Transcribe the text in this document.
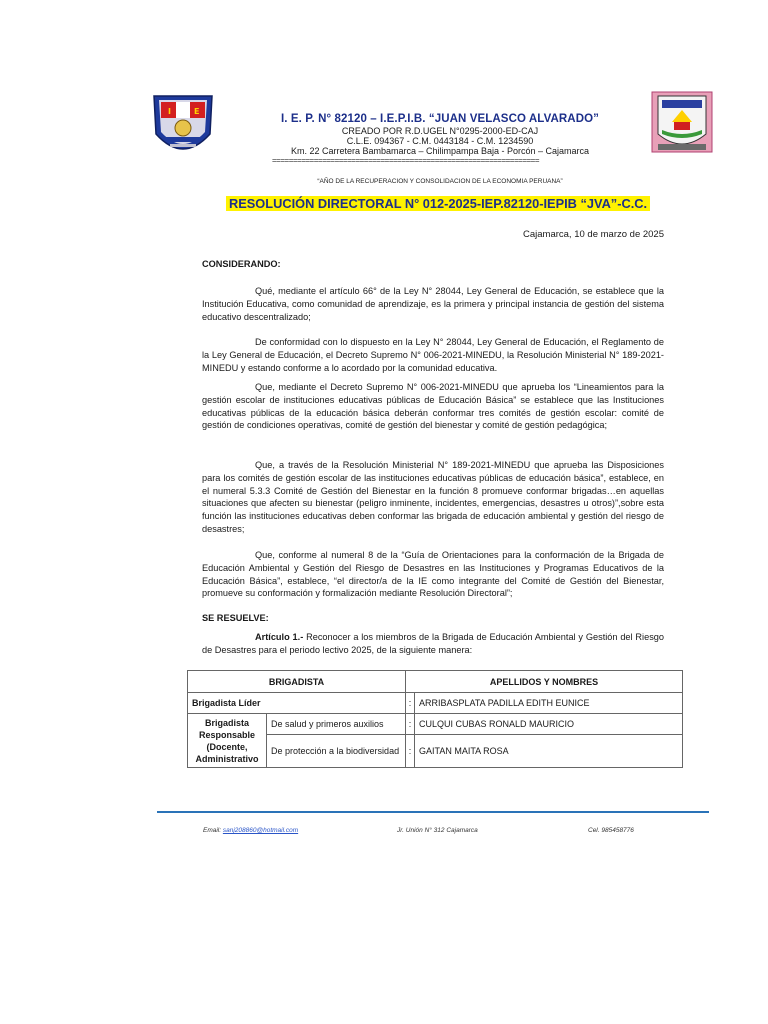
I	E
I. E. P. N° 82120 – I.E.P.I.B. “JUAN VELASCO ALVARADO”
CREADO POR R.D.UGEL N°0295-2000-ED-CAJ
C.L.E. 094367 - C.M. 0443184 - C.M. 1234590
Km. 22 Carretera Bambamarca – Chilimpampa Baja - Porcón – Cajamarca
================================================================
“AÑO DE LA RECUPERACION Y CONSOLIDACION DE LA ECONOMIA PERUANA”
RESOLUCIÓN DIRECTORAL N° 012-2025-IEP.82120-IEPIB “JVA”-C.C.
Cajamarca, 10 de marzo de 2025
CONSIDERANDO:
Qué, mediante el artículo 66° de la Ley N° 28044, Ley General de Educación, se establece que la Institución Educativa, como comunidad de aprendizaje, es la primera y principal instancia de gestión del sistema educativo descentralizado;
De conformidad con lo dispuesto en la Ley N° 28044, Ley General de Educación, el Reglamento de la Ley General de Educación, el Decreto Supremo N° 006-2021-MINEDU, la Resolución Ministerial N° 189-2021-MINEDU y estando conforme a lo acordado por la comunidad educativa.
Que, mediante el Decreto Supremo N° 006-2021-MINEDU que aprueba los “Lineamientos para la gestión escolar de instituciones educativas públicas de Educación Básica” se establece que las Instituciones educativas públicas de la educación básica deberán conformar tres comités de gestión escolar: comité de gestión de condiciones operativas, comité de gestión del bienestar y comité de gestión pedagógica;
Que, a través de la Resolución Ministerial N° 189-2021-MINEDU que aprueba las Disposiciones para los comités de gestión escolar de las instituciones educativas públicas de educación básica”, establece, en el numeral 5.3.3 Comité de Gestión del Bienestar en la función 8 promueve conformar brigadas…en aquellas situaciones que afecten su bienestar (peligro inminente, incidentes, emergencias, desastres u otros)”,sobre esta función las instituciones educativas deben conformar las brigada de educación ambiental y gestión del riesgo de desastres;
Que, conforme al numeral 8 de la “Guía de Orientaciones para la conformación de la Brigada de Educación Ambiental y Gestión del Riesgo de Desastres en las Instituciones y Programas Educativos de la Educación Básica”, establece, “el director/a de la IE como integrante del Comité de Gestión del Bienestar, promueve su conformación y formalización mediante Resolución Directoral”;
SE RESUELVE:
Artículo 1.- Reconocer a los miembros de la Brigada de Educación Ambiental y Gestión del Riesgo de Desastres para el periodo lectivo 2025, de la siguiente manera:
BRIGADISTA		APELLIDOS Y NOMBRES	
Brigadista Líder		:	ARRIBASPLATA PADILLA EDITH EUNICE
Brigadista Responsable (Docente, Administrativo	De salud y primeros auxilios	:	CULQUI CUBAS RONALD MAURICIO
	De protección a la biodiversidad	:	GAITAN MAITA ROSA
Email: sanj208860@hotmail.com	Jr. Unión N° 312 Cajamarca	Cel. 985458776
